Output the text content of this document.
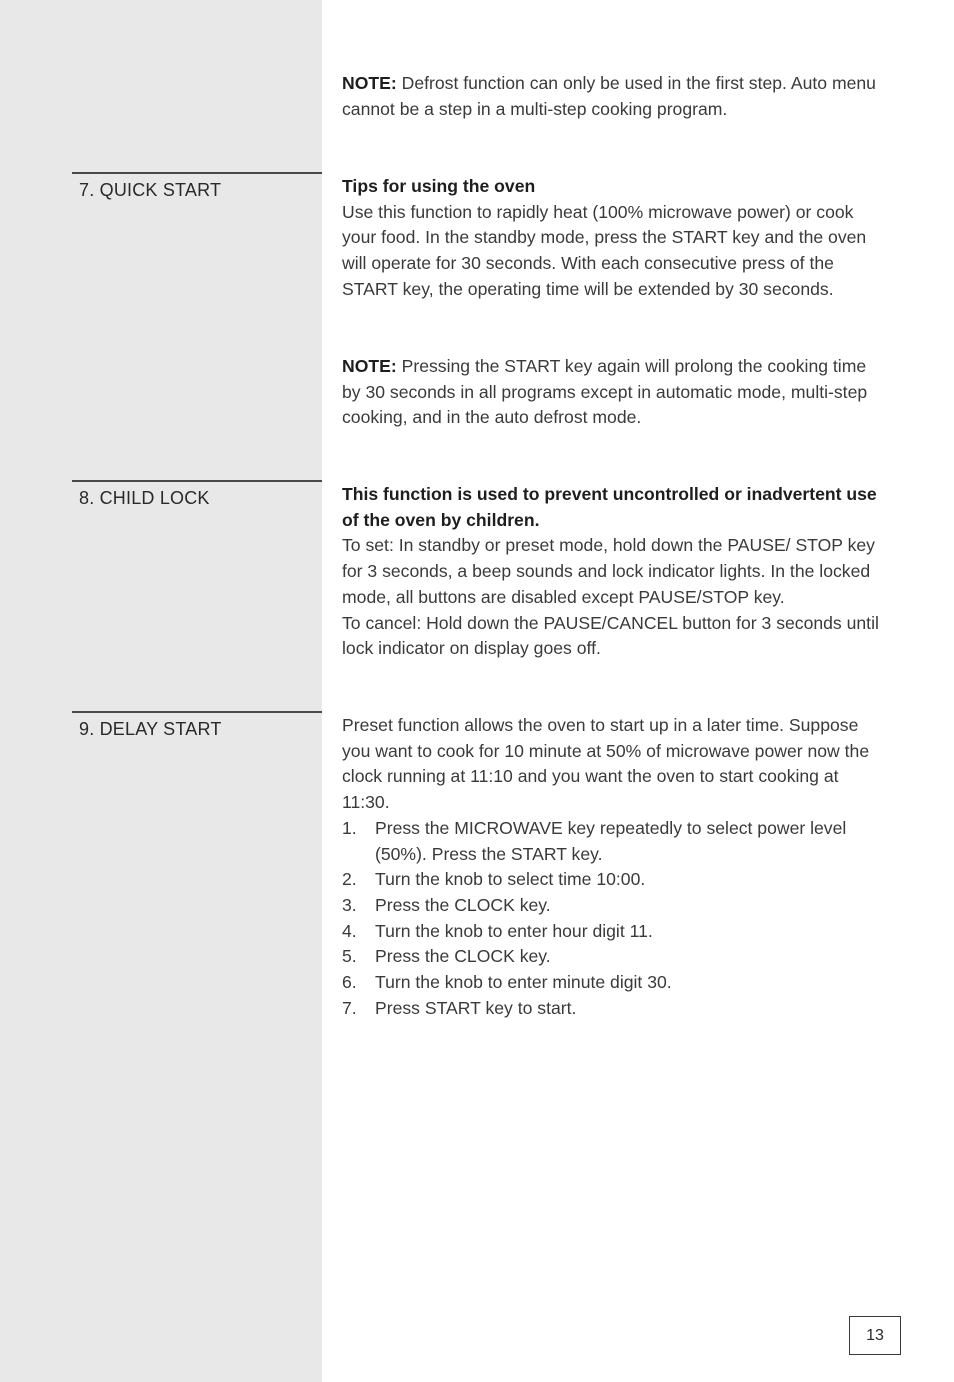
NOTE: Defrost function can only be used in the first step. Auto menu cannot be a step in a multi-step cooking program.

7. QUICK START	Tips for using the oven

Use this function to rapidly heat (100% microwave power) or cook your food. In the standby mode, press the START key and the oven will operate for 30 seconds. With each consecutive press of the START key, the operating time will be extended by 30 seconds.

NOTE: Pressing the START key again will prolong the cooking time by 30 seconds in all programs except in automatic mode, multi-step cooking, and in the auto defrost mode.

8. CHILD LOCK	This function is used to prevent uncontrolled or inadvertent use of the oven by children.

To set: In standby or preset mode, hold down the PAUSE/ STOP key for 3 seconds, a beep sounds and lock indicator lights. In the locked mode, all buttons are disabled except PAUSE/STOP key.

To cancel: Hold down the PAUSE/CANCEL button for 3 seconds until lock indicator on display goes off.

9. DELAY START	Preset function allows the oven to start up in a later time. Suppose you want to cook for 10 minute at 50% of microwave power now the clock running at 11:10 and you want the oven to start cooking at 11:30.

1.	Press the MICROWAVE key repeatedly to select power level (50%). Press the START key.
2.	Turn the knob to select time 10:00.
3.	Press the CLOCK key.
4.	Turn the knob to enter hour digit 11.
5.	Press the CLOCK key.
6.	Turn the knob to enter minute digit 30.
7.	Press START key to start.
13
